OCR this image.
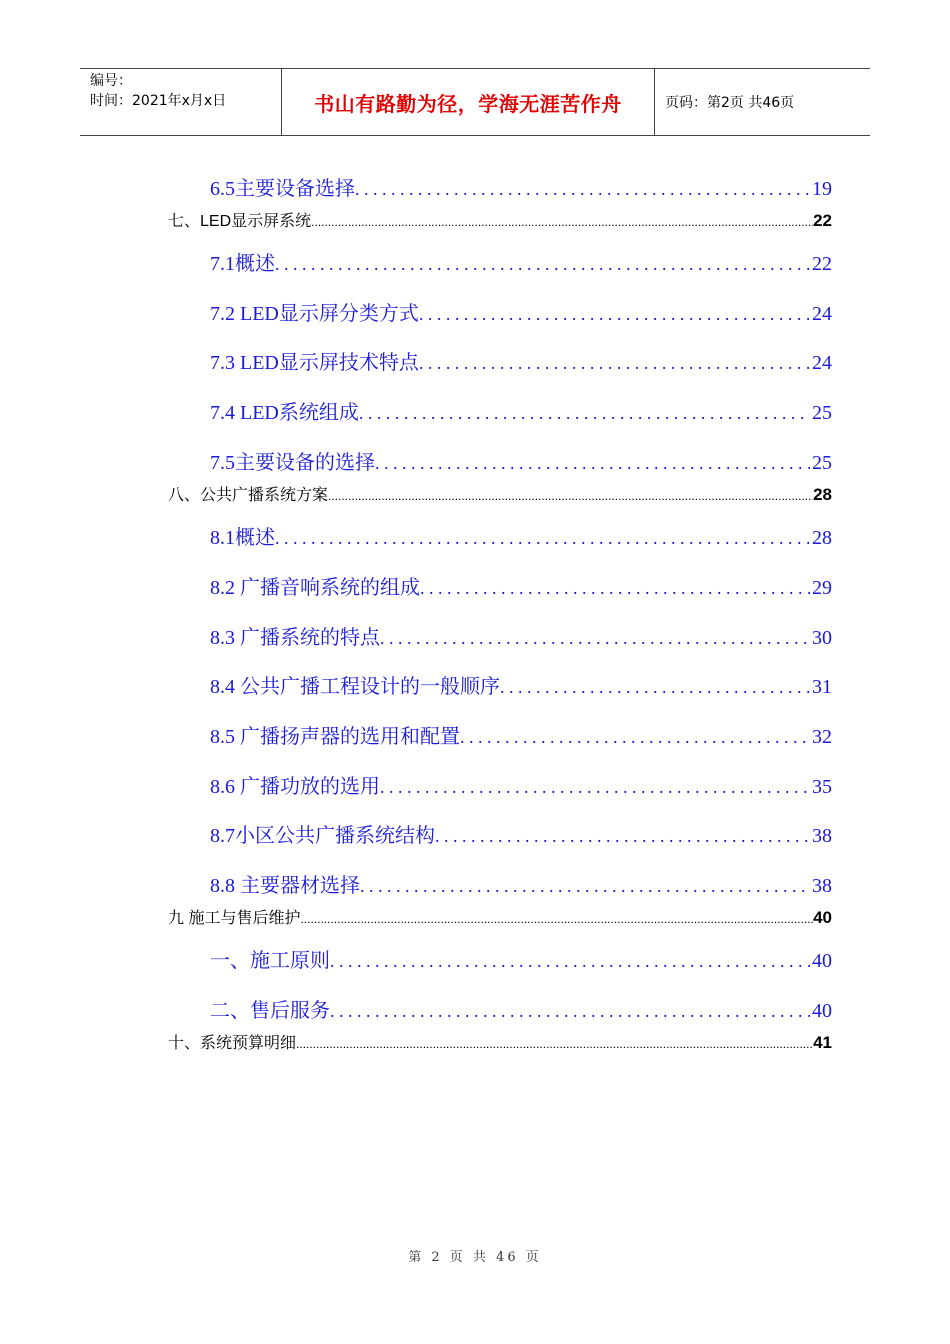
编号：
时间：2021年x月x日	书山有路勤为径，学海无涯苦作舟	页码：第2页 共46页
6.5主要设备选择 .....	19
七、LED显示屏系统 .....	22
7.1概述 .....	22
7.2 LED显示屏分类方式 .....	24
7.3 LED显示屏技术特点 .....	24
7.4 LED系统组成 .....	25
7.5主要设备的选择 .....	25
八、公共广播系统方案 .....	28
8.1概述 .....	28
8.2 广播音响系统的组成 .....	29
8.3 广播系统的特点 .....	30
8.4 公共广播工程设计的一般顺序 .....	31
8.5 广播扬声器的选用和配置 .....	32
8.6 广播功放的选用 .....	35
8.7小区公共广播系统结构 .....	38
8.8 主要器材选择 .....	38
九 施工与售后维护 .....	40
一、施工原则 .....	40
二、售后服务 .....	40
十、系统预算明细 .....	41
第 2 页 共 46 页
